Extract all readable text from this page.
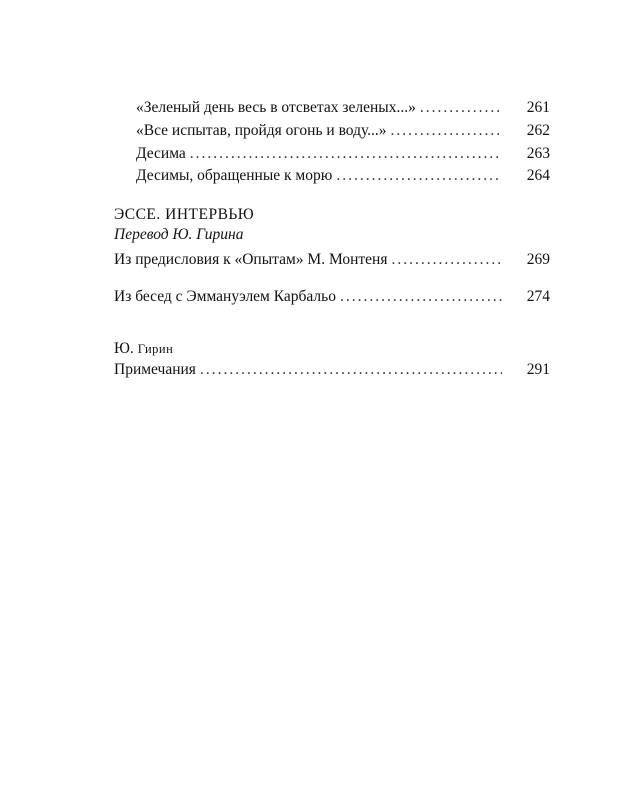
«Зеленый день весь в отсветах зеленых...» .....	261
«Все испытав, пройдя огонь и воду...» .....	262
Десима .....	263
Десимы, обращенные к морю .....	264
ЭССЕ. ИНТЕРВЬЮ
Перевод Ю. Гирина
Из предисловия к «Опытам» М. Монтеня .....	269
Из бесед с Эммануэлем Карбальо .....	274
Ю. Гирин
Примечания .....	291
